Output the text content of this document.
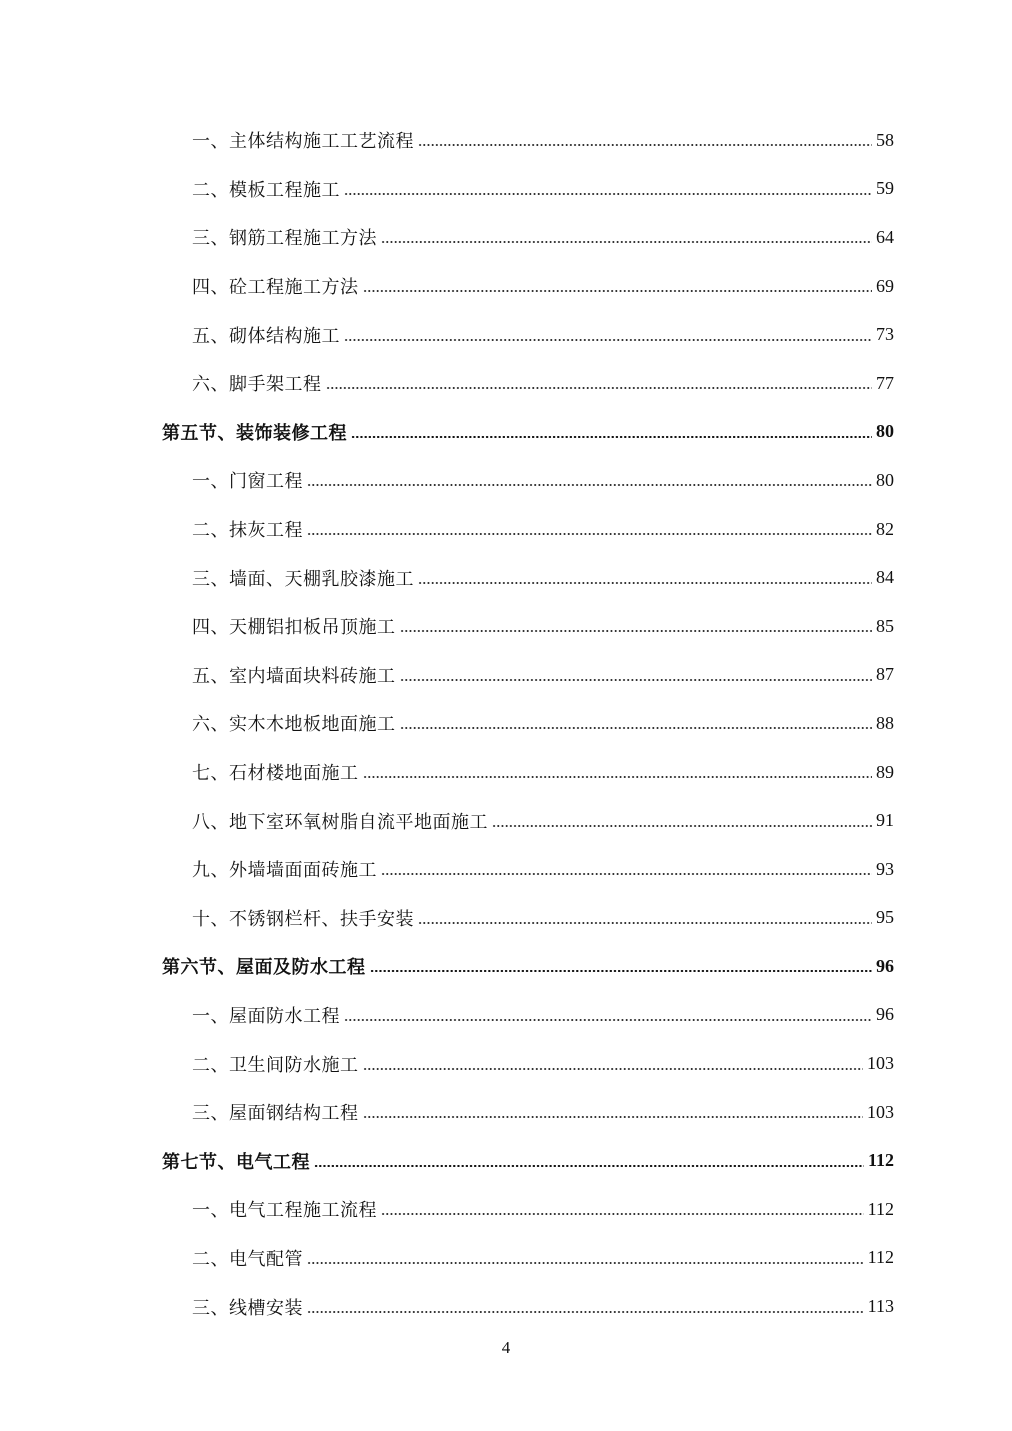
一、主体结构施工工艺流程	58
二、模板工程施工	59
三、钢筋工程施工方法	64
四、砼工程施工方法	69
五、砌体结构施工	73
六、脚手架工程	77
第五节、装饰装修工程	80
一、门窗工程	80
二、抹灰工程	82
三、墙面、天棚乳胶漆施工	84
四、天棚铝扣板吊顶施工	85
五、室内墙面块料砖施工	87
六、实木木地板地面施工	88
七、石材楼地面施工	89
八、地下室环氧树脂自流平地面施工	91
九、外墙墙面面砖施工	93
十、不锈钢栏杆、扶手安装	95
第六节、屋面及防水工程	96
一、屋面防水工程	96
二、卫生间防水施工	103
三、屋面钢结构工程	103
第七节、电气工程	112
一、电气工程施工流程	112
二、电气配管	112
三、线槽安装	113
4
